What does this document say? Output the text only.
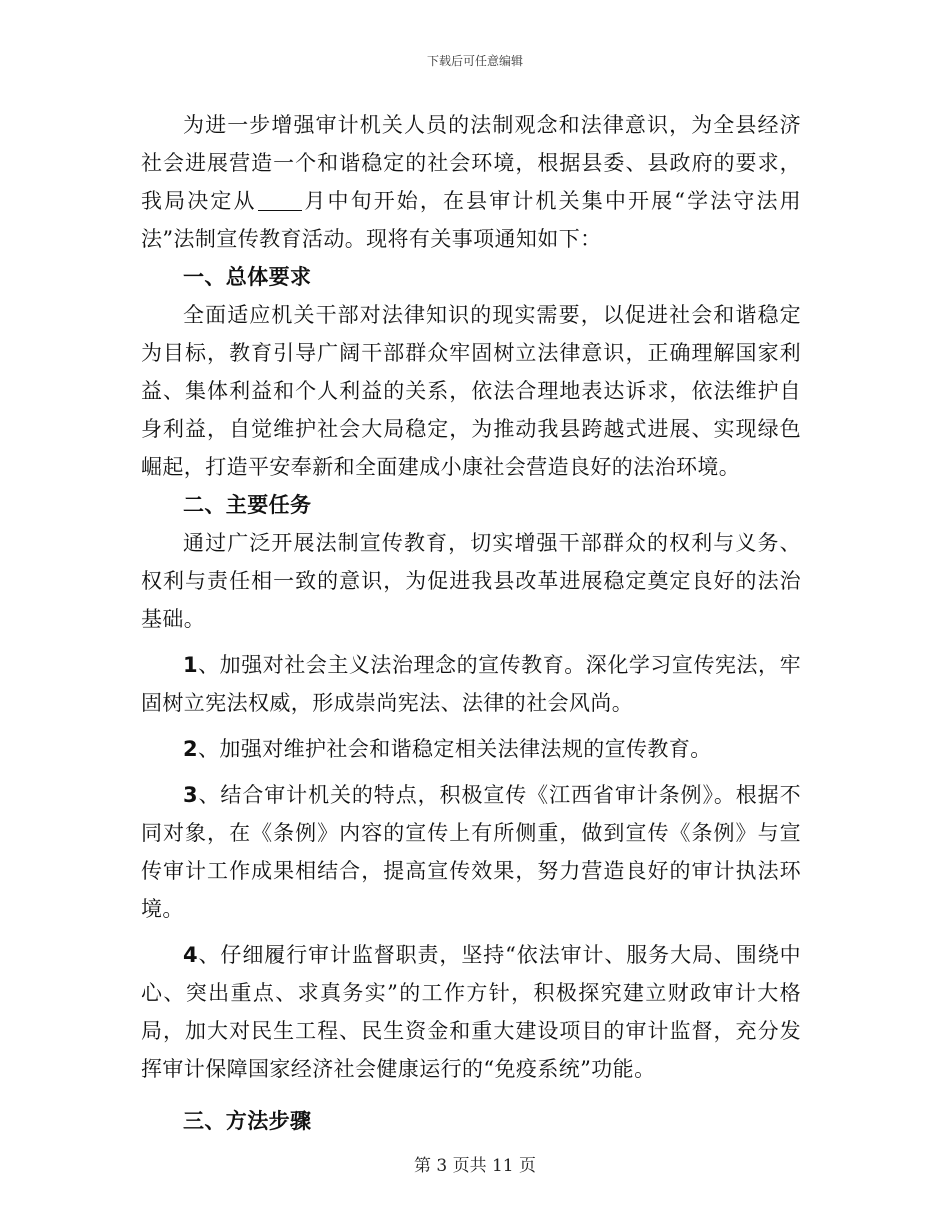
下载后可任意编辑

为进一步增强审计机关人员的法制观念和法律意识，为全县经济社会进展营造一个和谐稳定的社会环境，根据县委、县政府的要求，我局决定从 月中旬开始，在县审计机关集中开展“学法守法用法”法制宣传教育活动。现将有关事项通知如下：

一、总体要求

全面适应机关干部对法律知识的现实需要，以促进社会和谐稳定为目标，教育引导广阔干部群众牢固树立法律意识，正确理解国家利益、集体利益和个人利益的关系，依法合理地表达诉求，依法维护自身利益，自觉维护社会大局稳定，为推动我县跨越式进展、实现绿色崛起，打造平安奉新和全面建成小康社会营造良好的法治环境。

二、主要任务

通过广泛开展法制宣传教育，切实增强干部群众的权利与义务、权利与责任相一致的意识，为促进我县改革进展稳定奠定良好的法治基础。

1、加强对社会主义法治理念的宣传教育。深化学习宣传宪法，牢固树立宪法权威，形成崇尚宪法、法律的社会风尚。

2、加强对维护社会和谐稳定相关法律法规的宣传教育。

3、结合审计机关的特点，积极宣传《江西省审计条例》。根据不同对象，在《条例》内容的宣传上有所侧重，做到宣传《条例》与宣传审计工作成果相结合，提高宣传效果，努力营造良好的审计执法环境。

4、仔细履行审计监督职责，坚持“依法审计、服务大局、围绕中心、突出重点、求真务实”的工作方针，积极探究建立财政审计大格局，加大对民生工程、民生资金和重大建设项目的审计监督，充分发挥审计保障国家经济社会健康运行的“免疫系统”功能。

三、方法步骤
第 3 页共 11 页
